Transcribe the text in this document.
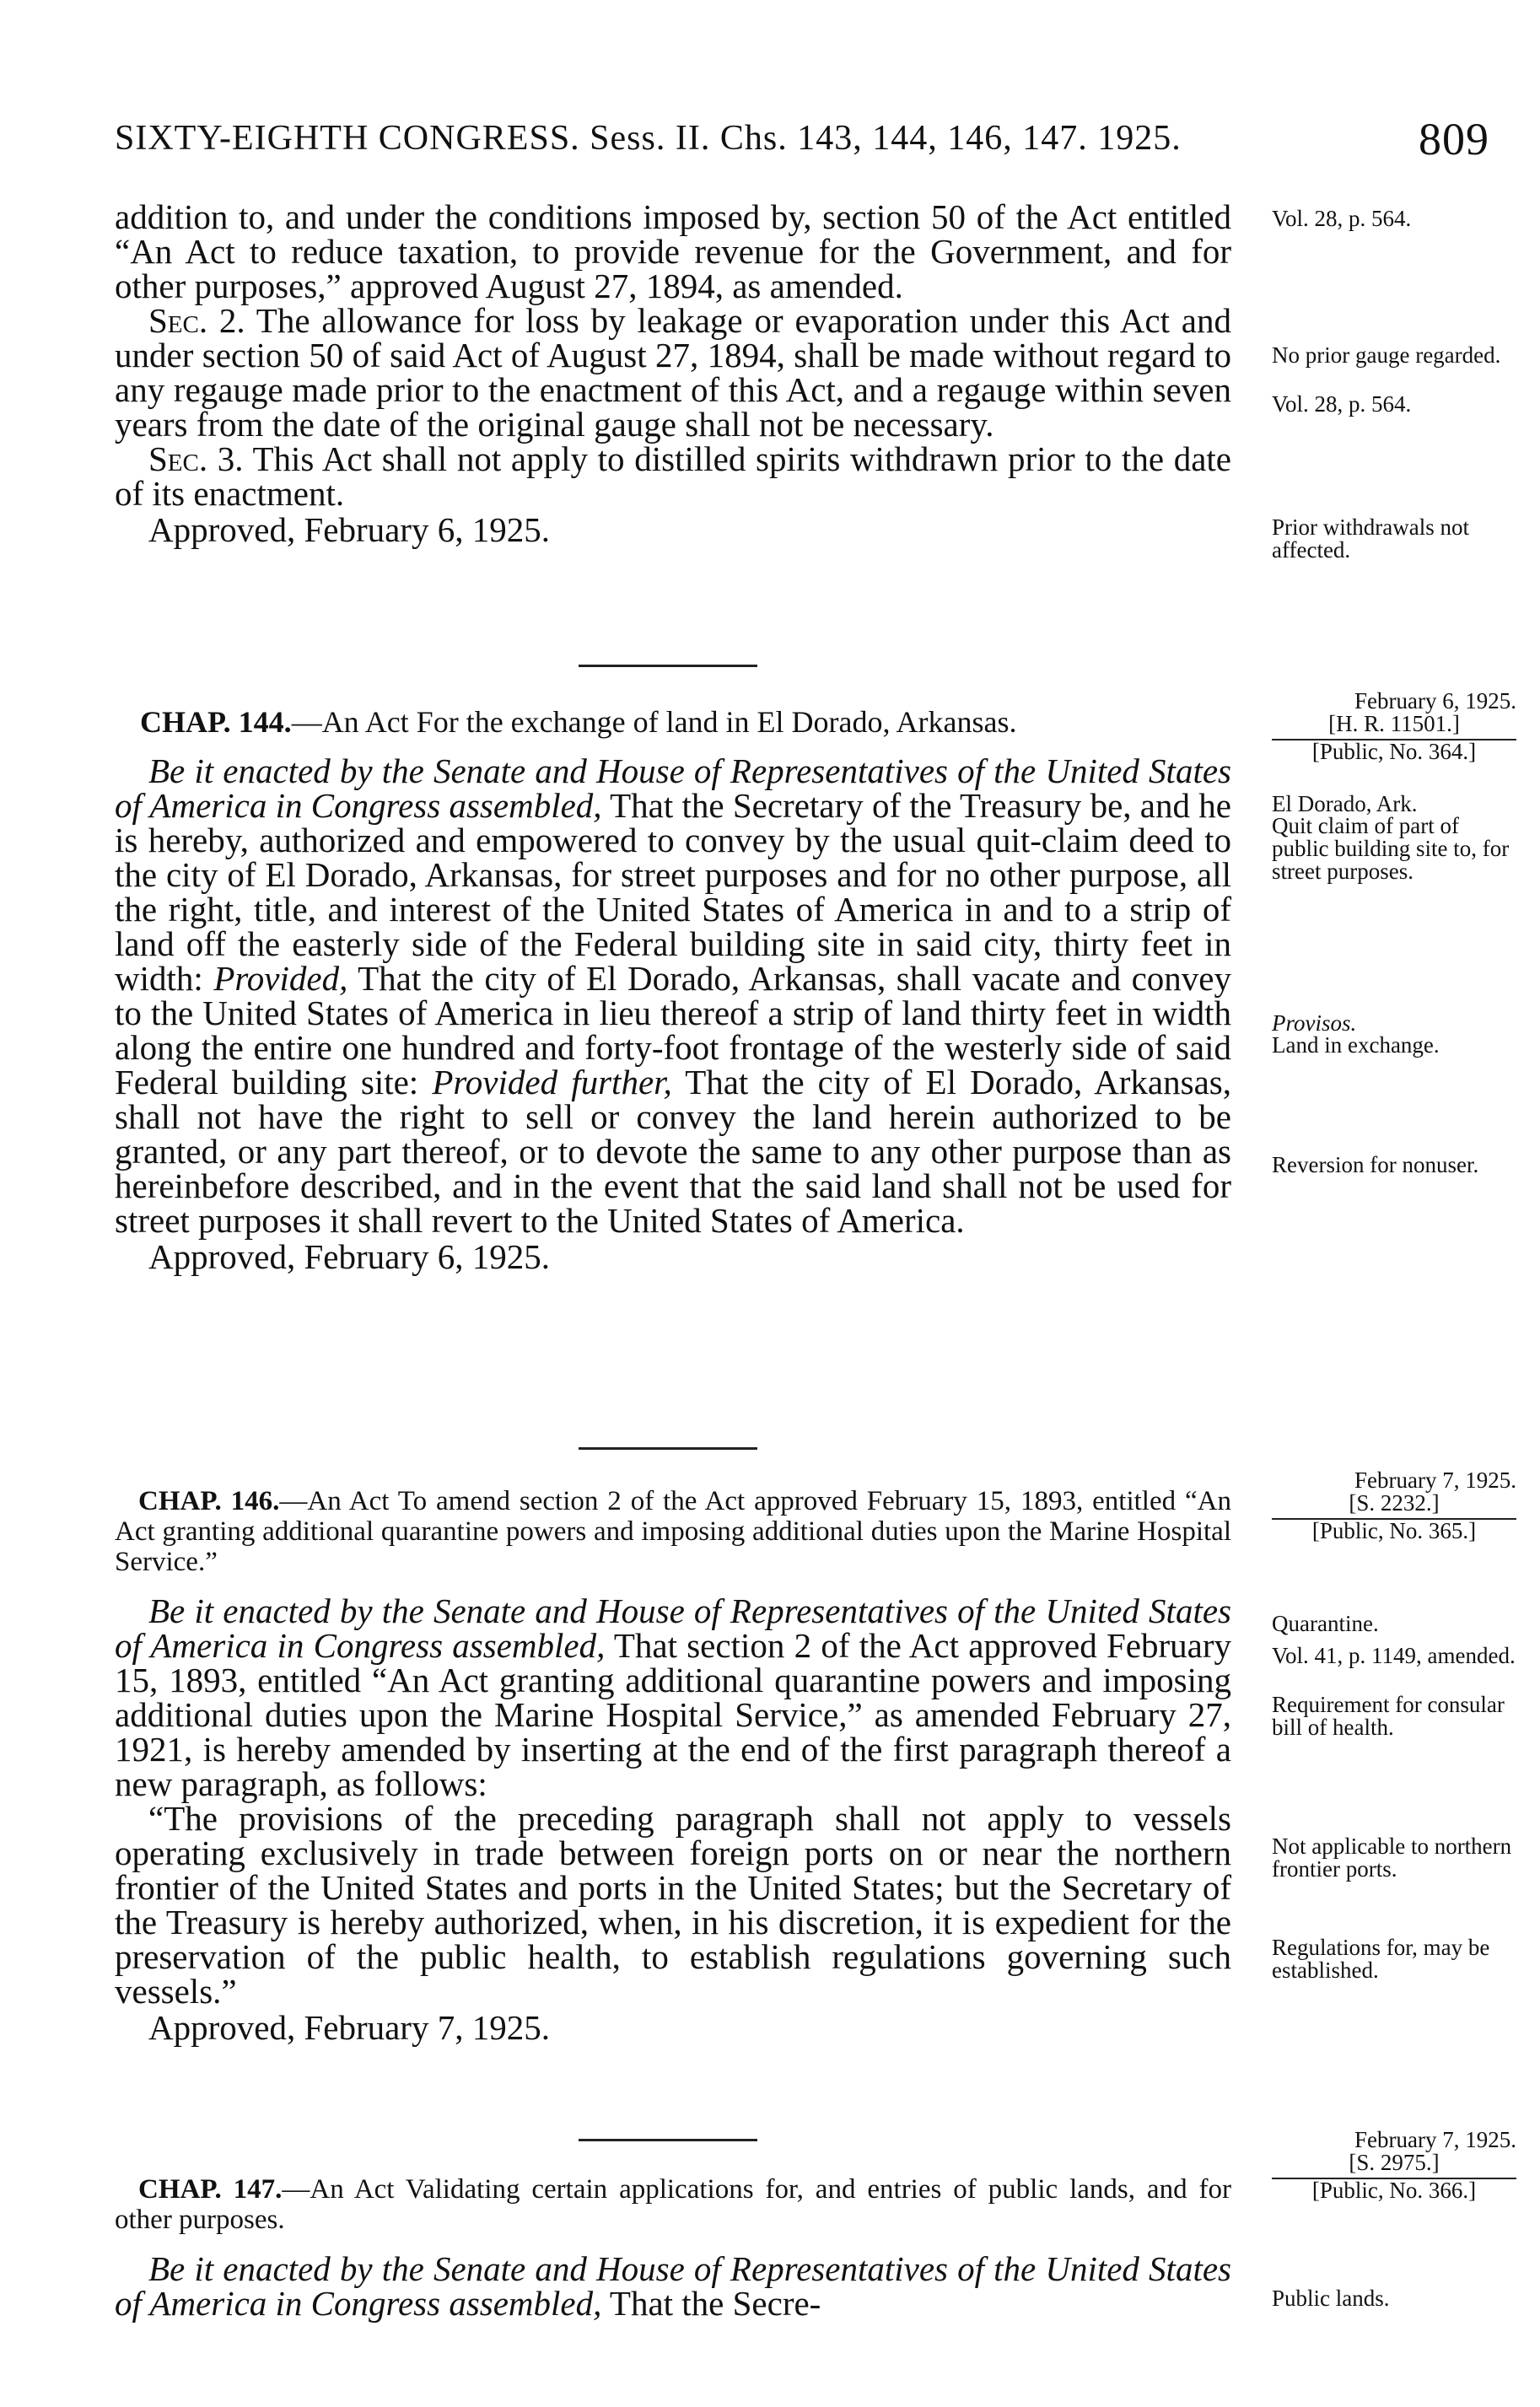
SIXTY-EIGHTH CONGRESS. Sess. II. Chs. 143, 144, 146, 147. 1925.	809

addition to, and under the conditions imposed by, section 50 of the Act entitled “An Act to reduce taxation, to provide revenue for the Government, and for other purposes,” approved August 27, 1894, as amended.

Sec. 2. The allowance for loss by leakage or evaporation under this Act and under section 50 of said Act of August 27, 1894, shall be made without regard to any regauge made prior to the enactment of this Act, and a regauge within seven years from the date of the original gauge shall not be necessary.

Sec. 3. This Act shall not apply to distilled spirits withdrawn prior to the date of its enactment.

Approved, February 6, 1925.

CHAP. 144.—An Act For the exchange of land in El Dorado, Arkansas.

Be it enacted by the Senate and House of Representatives of the United States of America in Congress assembled, That the Secretary of the Treasury be, and he is hereby, authorized and empowered to convey by the usual quit-claim deed to the city of El Dorado, Arkansas, for street purposes and for no other purpose, all the right, title, and interest of the United States of America in and to a strip of land off the easterly side of the Federal building site in said city, thirty feet in width: Provided, That the city of El Dorado, Arkansas, shall vacate and convey to the United States of America in lieu thereof a strip of land thirty feet in width along the entire one hundred and forty-foot frontage of the westerly side of said Federal building site: Provided further, That the city of El Dorado, Arkansas, shall not have the right to sell or convey the land herein authorized to be granted, or any part thereof, or to devote the same to any other purpose than as hereinbefore described, and in the event that the said land shall not be used for street purposes it shall revert to the United States of America.

Approved, February 6, 1925.

CHAP. 146.—An Act To amend section 2 of the Act approved February 15, 1893, entitled “An Act granting additional quarantine powers and imposing additional duties upon the Marine Hospital Service.”

Be it enacted by the Senate and House of Representatives of the United States of America in Congress assembled, That section 2 of the Act approved February 15, 1893, entitled “An Act granting additional quarantine powers and imposing additional duties upon the Marine Hospital Service,” as amended February 27, 1921, is hereby amended by inserting at the end of the first paragraph thereof a new paragraph, as follows:

“The provisions of the preceding paragraph shall not apply to vessels operating exclusively in trade between foreign ports on or near the northern frontier of the United States and ports in the United States; but the Secretary of the Treasury is hereby authorized, when, in his discretion, it is expedient for the preservation of the public health, to establish regulations governing such vessels.”

Approved, February 7, 1925.

CHAP. 147.—An Act Validating certain applications for, and entries of public lands, and for other purposes.

Be it enacted by the Senate and House of Representatives of the United States of America in Congress assembled, That the Secre-

Vol. 28, p. 564.
No prior gauge regarded.
Vol. 28, p. 564.
Prior withdrawals not affected.
February 6, 1925.
[H. R. 11501.]
[Public, No. 364.]
El Dorado, Ark.
Quit claim of part of public building site to, for street purposes.
Provisos.
Land in exchange.
Reversion for nonuser.
February 7, 1925.
[S. 2232.]
[Public, No. 365.]
Quarantine.
Vol. 41, p. 1149, amended.
Requirement for consular bill of health.
Not applicable to northern frontier ports.
Regulations for, may be established.
February 7, 1925.
[S. 2975.]
[Public, No. 366.]
Public lands.
